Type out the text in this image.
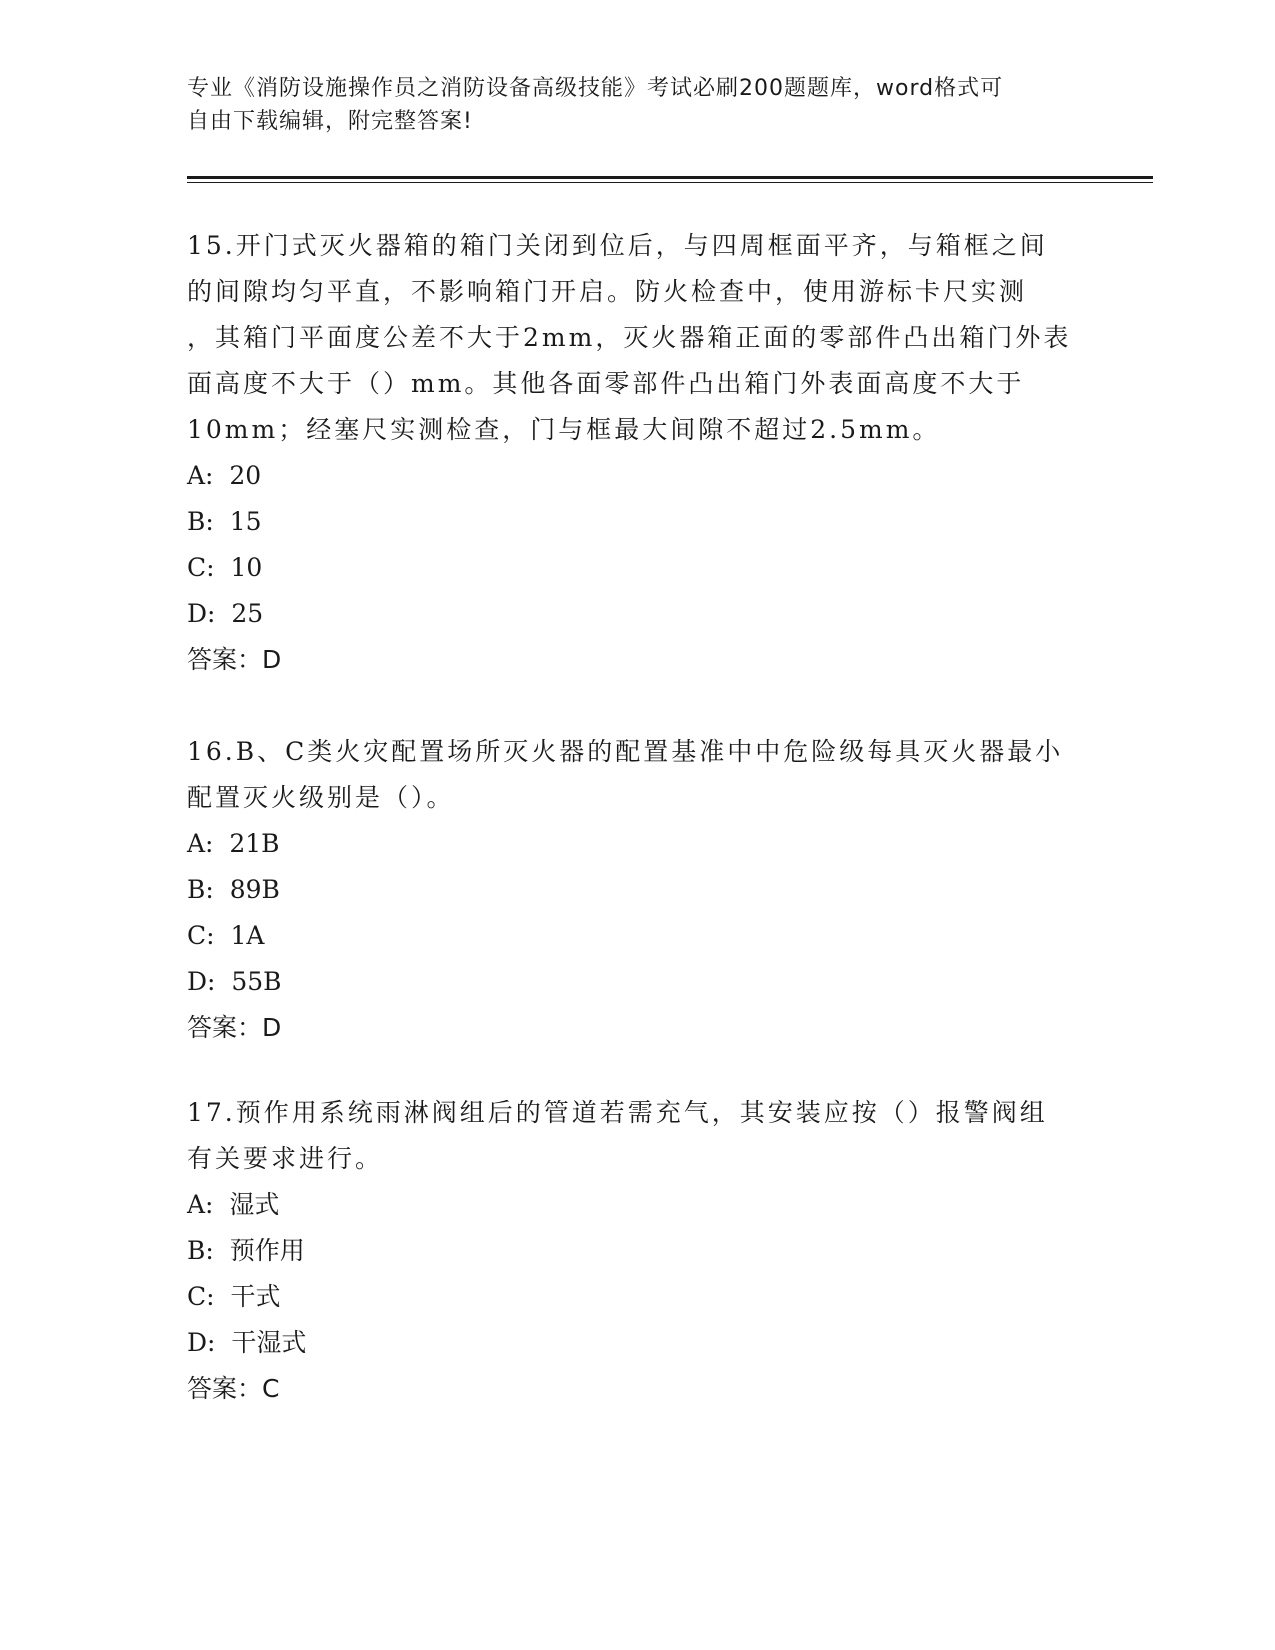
专业《消防设施操作员之消防设备高级技能》考试必刷200题题库，word格式可
自由下载编辑，附完整答案!

15.开门式灭火器箱的箱门关闭到位后，与四周框面平齐，与箱框之间

的间隙均匀平直，不影响箱门开启。防火检查中，使用游标卡尺实测

，其箱门平面度公差不大于2mm，灭火器箱正面的零部件凸出箱门外表

面高度不大于（）mm。其他各面零部件凸出箱门外表面高度不大于

10mm；经塞尺实测检查，门与框最大间隙不超过2.5mm。

A:  20

B:  15

C:  10

D:  25

答案：D

16.B、C类火灾配置场所灭火器的配置基准中中危险级每具灭火器最小

配置灭火级别是（）。

A:  21B

B:  89B

C:  1A

D:  55B

答案：D

17.预作用系统雨淋阀组后的管道若需充气，其安装应按（）报警阀组

有关要求进行。

A:  湿式

B:  预作用

C:  干式

D:  干湿式

答案：C
